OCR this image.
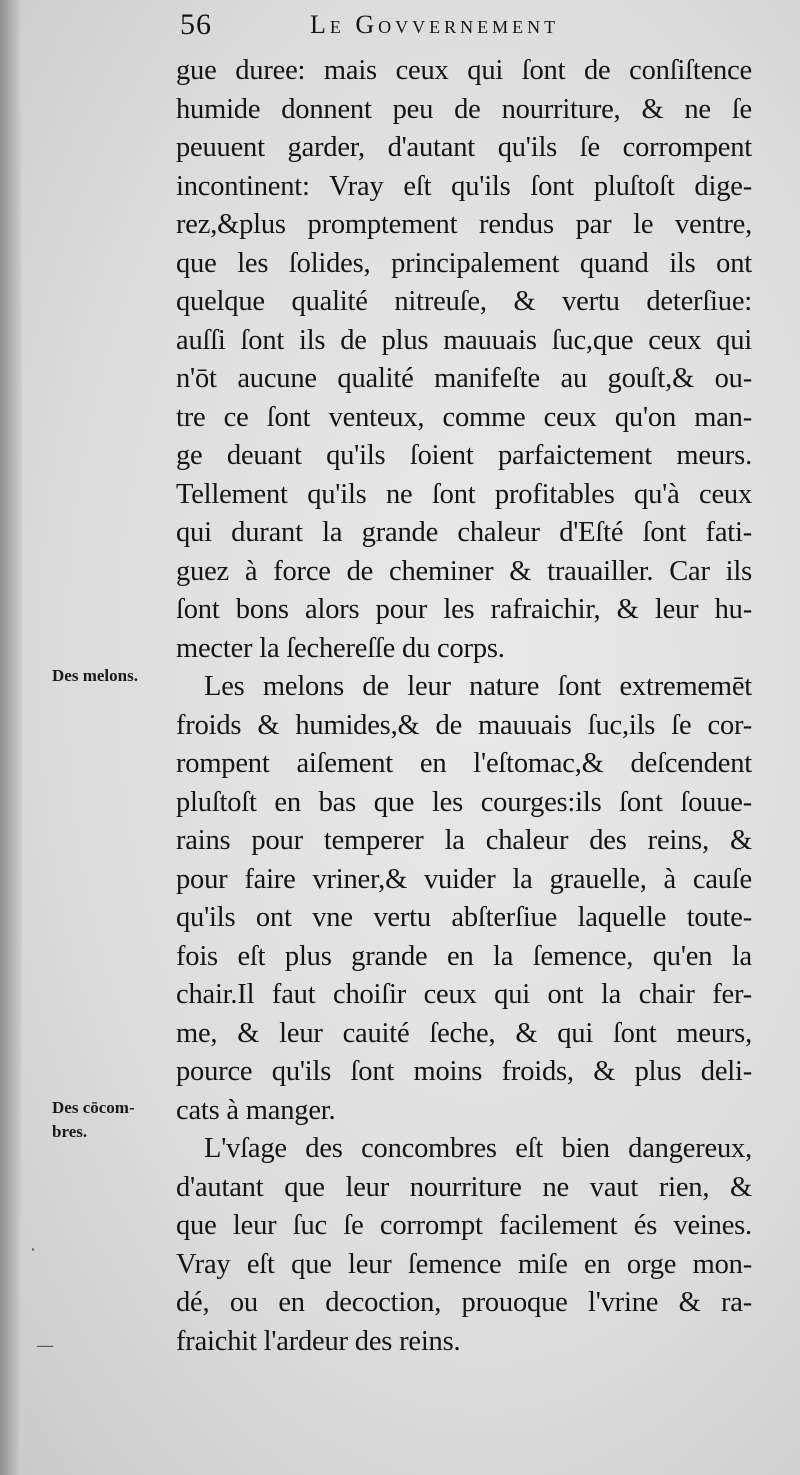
56	Le Govvernement
gue duree: mais ceux qui ſont de conſiſtence
humide donnent peu de nourriture, & ne ſe
peuuent garder, d'autant qu'ils ſe corrompent
incontinent: Vray eſt qu'ils ſont pluſtoſt dige-
rez,&plus promptement rendus par le ventre,
que les ſolides, principalement quand ils ont
quelque qualité nitreuſe, & vertu deterſiue:
auſſi ſont ils de plus mauuais ſuc,que ceux qui
n'ōt aucune qualité manifeſte au gouſt,& ou-
tre ce ſont venteux, comme ceux qu'on man-
ge deuant qu'ils ſoient parfaictement meurs.
Tellement qu'ils ne ſont profitables qu'à ceux
qui durant la grande chaleur d'Eſté ſont fati-
guez à force de cheminer & trauailler. Car ils
ſont bons alors pour les rafraichir, & leur hu-
mecter la ſechereſſe du corps.
Les melons de leur nature ſont extrememēt
froids & humides,& de mauuais ſuc,ils ſe cor-
rompent aiſement en l'eſtomac,& deſcendent
pluſtoſt en bas que les courges:ils ſont ſouue-
rains pour temperer la chaleur des reins, &
pour faire vriner,& vuider la grauelle, à cauſe
qu'ils ont vne vertu abſterſiue laquelle toute-
fois eſt plus grande en la ſemence, qu'en la
chair.Il faut choiſir ceux qui ont la chair fer-
me, & leur cauité ſeche, & qui ſont meurs,
pource qu'ils ſont moins froids, & plus deli-
cats à manger.
L'vſage des concombres eſt bien dangereux,
d'autant que leur nourriture ne vaut rien, &
que leur ſuc ſe corrompt facilement és veines.
Vray eſt que leur ſemence miſe en orge mon-
dé, ou en decoction, prouoque l'vrine & ra-
fraichit l'ardeur des reins.
Des melons.
Des cōcom-
bres.
—
‧
